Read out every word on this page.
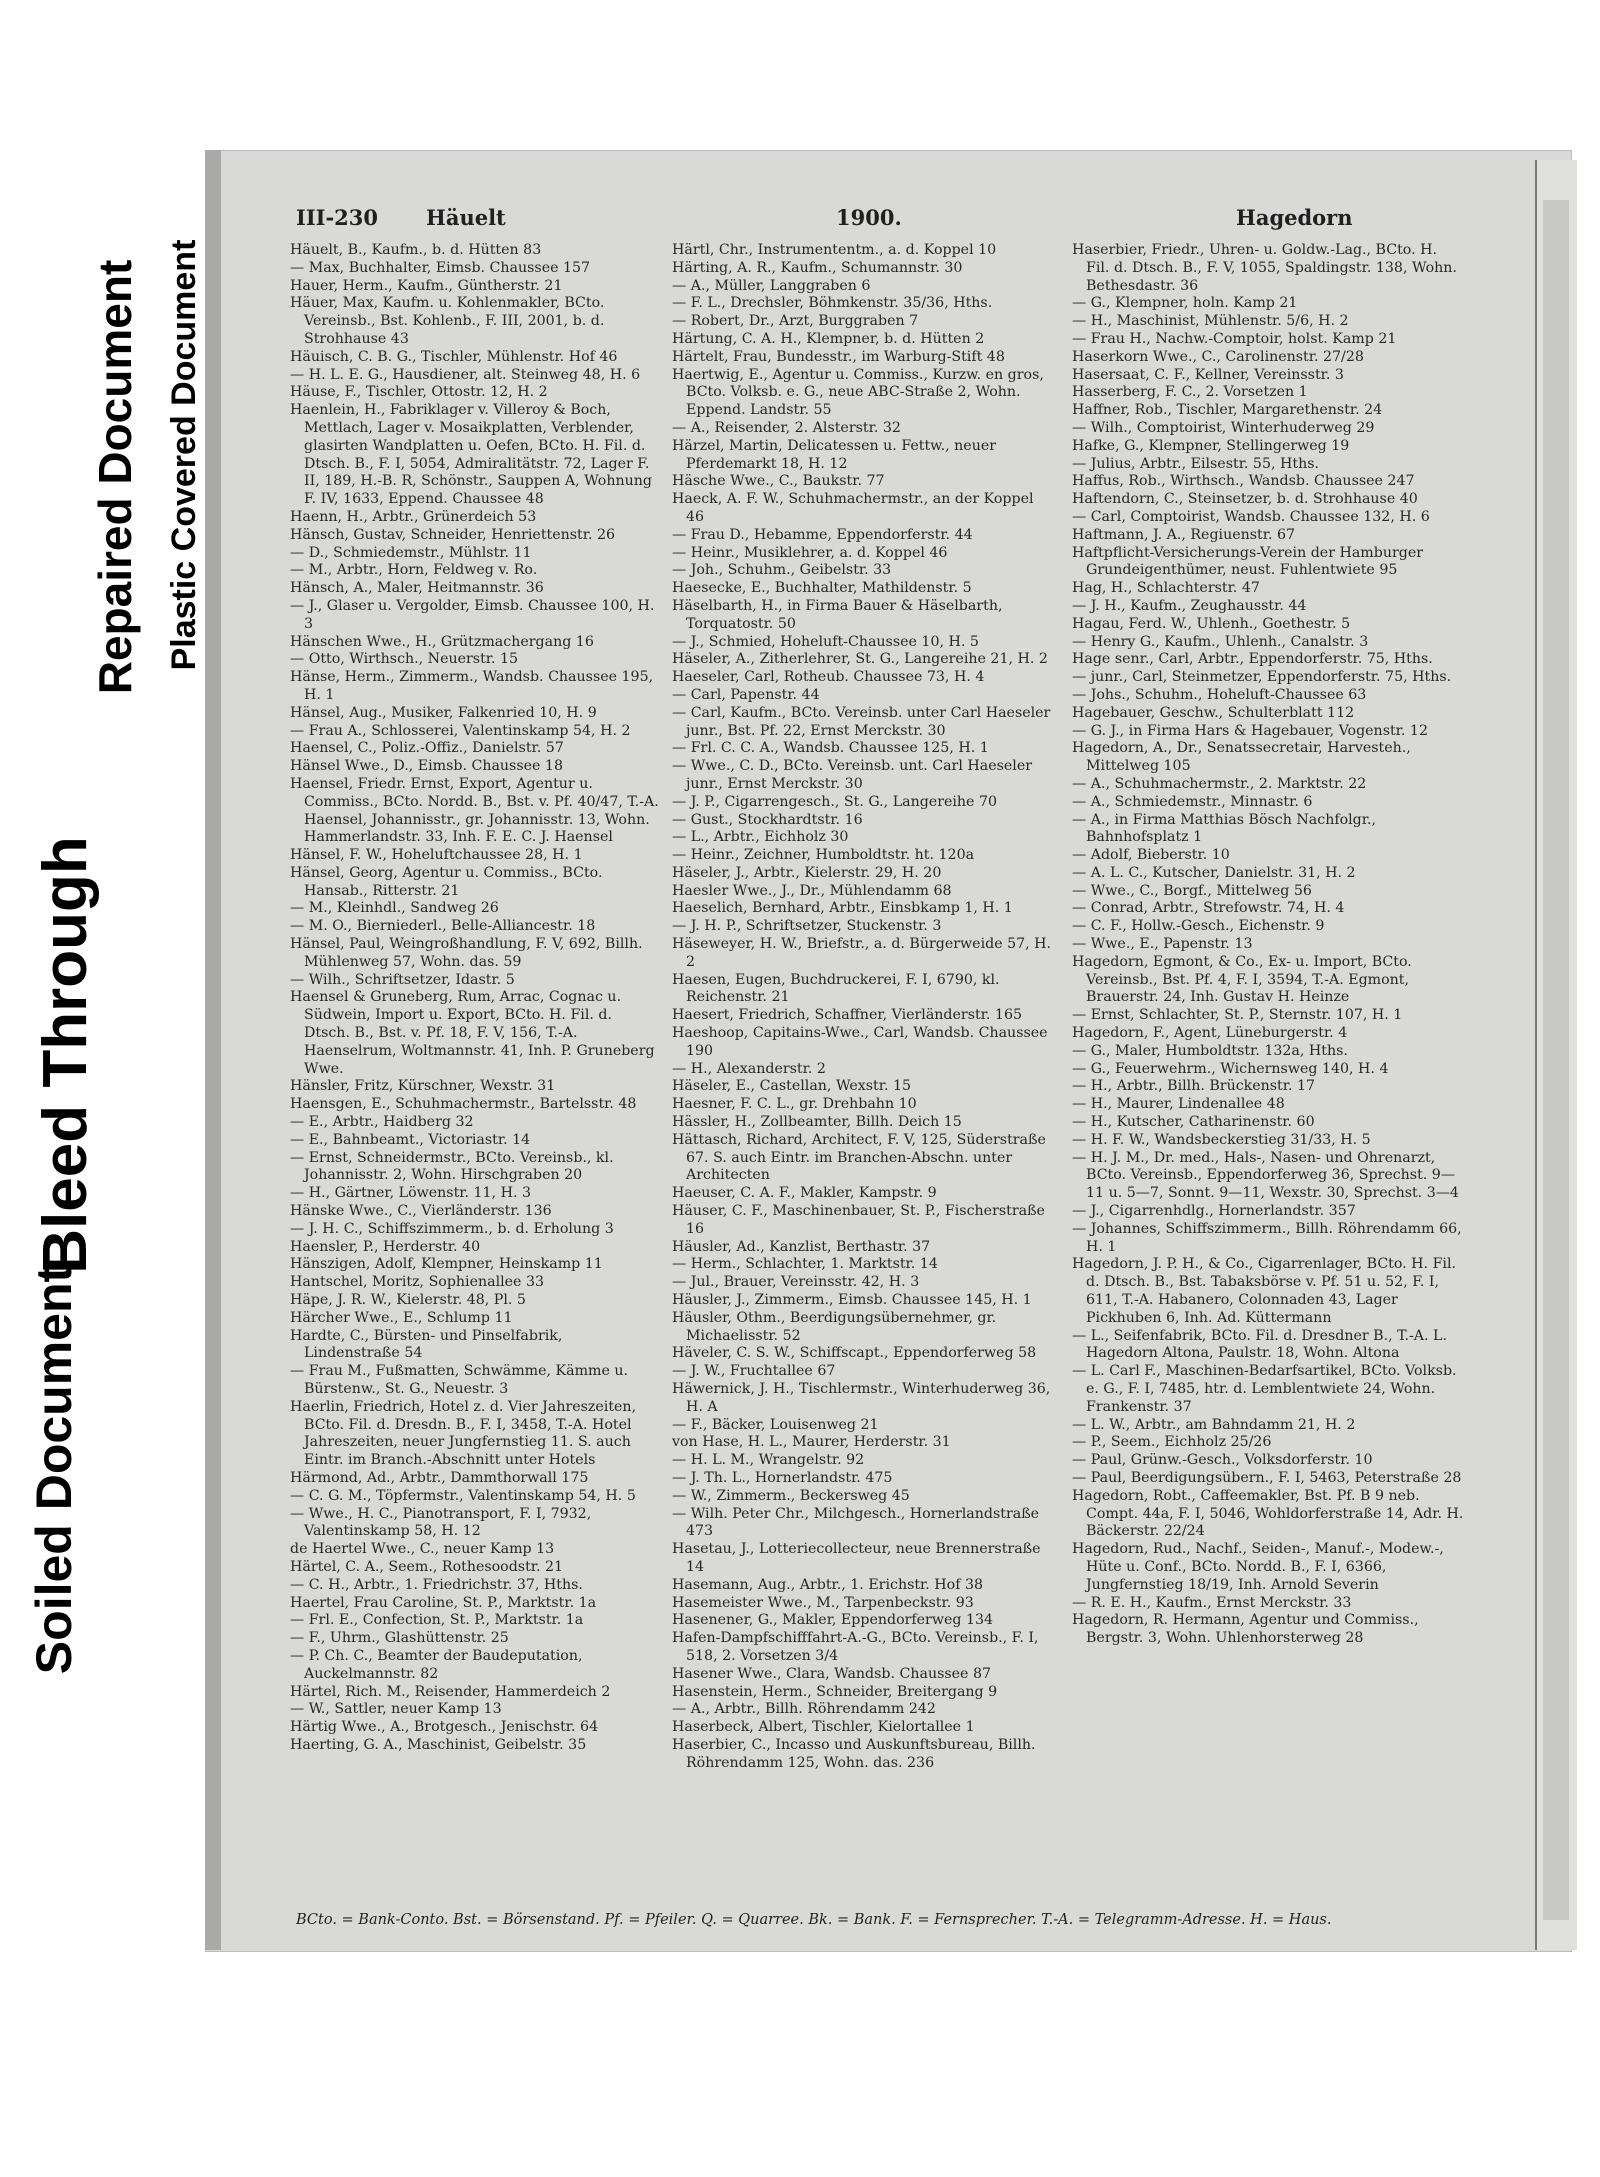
Soiled Document
Bleed Through
Repaired Document Plastic Covered Document
III-230 Häuelt	1900.	Hagedorn

Häuelt, B., Kaufm., b. d. Hütten 83

— Max, Buchhalter, Eimsb. Chaussee 157

Hauer, Herm., Kaufm., Güntherstr. 21

Häuer, Max, Kaufm. u. Kohlenmakler, BCto. Vereinsb., Bst. Kohlenb., F. III, 2001, b. d. Strohhause 43

Häuisch, C. B. G., Tischler, Mühlenstr. Hof 46

— H. L. E. G., Hausdiener, alt. Steinweg 48, H. 6

Häuse, F., Tischler, Ottostr. 12, H. 2

Haenlein, H., Fabriklager v. Villeroy & Boch, Mettlach, Lager v. Mosaikplatten, Verblender, glasirten Wandplatten u. Oefen, BCto. H. Fil. d. Dtsch. B., F. I, 5054, Admiralitätstr. 72, Lager F. II, 189, H.-B. R, Schönstr., Sauppen A, Wohnung F. IV, 1633, Eppend. Chaussee 48

Haenn, H., Arbtr., Grünerdeich 53

Hänsch, Gustav, Schneider, Henriettenstr. 26

— D., Schmiedemstr., Mühlstr. 11

— M., Arbtr., Horn, Feldweg v. Ro.

Hänsch, A., Maler, Heitmannstr. 36

— J., Glaser u. Vergolder, Eimsb. Chaussee 100, H. 3

Hänschen Wwe., H., Grützmachergang 16

— Otto, Wirthsch., Neuerstr. 15

Hänse, Herm., Zimmerm., Wandsb. Chaussee 195, H. 1

Hänsel, Aug., Musiker, Falkenried 10, H. 9

— Frau A., Schlosserei, Valentinskamp 54, H. 2

Haensel, C., Poliz.-Offiz., Danielstr. 57

Hänsel Wwe., D., Eimsb. Chaussee 18

Haensel, Friedr. Ernst, Export, Agentur u. Commiss., BCto. Nordd. B., Bst. v. Pf. 40/47, T.-A. Haensel, Johannisstr., gr. Johannisstr. 13, Wohn. Hammerlandstr. 33, Inh. F. E. C. J. Haensel

Hänsel, F. W., Hoheluftchaussee 28, H. 1

Hänsel, Georg, Agentur u. Commiss., BCto. Hansab., Ritterstr. 21

— M., Kleinhdl., Sandweg 26

— M. O., Bierniederl., Belle-Alliancestr. 18

Hänsel, Paul, Weingroßhandlung, F. V, 692, Billh. Mühlenweg 57, Wohn. das. 59

— Wilh., Schriftsetzer, Idastr. 5

Haensel & Gruneberg, Rum, Arrac, Cognac u. Südwein, Import u. Export, BCto. H. Fil. d. Dtsch. B., Bst. v. Pf. 18, F. V, 156, T.-A. Haenselrum, Woltmannstr. 41, Inh. P. Gruneberg Wwe.

Hänsler, Fritz, Kürschner, Wexstr. 31

Haensgen, E., Schuhmachermstr., Bartelsstr. 48

— E., Arbtr., Haidberg 32

— E., Bahnbeamt., Victoriastr. 14

— Ernst, Schneidermstr., BCto. Vereinsb., kl. Johannisstr. 2, Wohn. Hirschgraben 20

— H., Gärtner, Löwenstr. 11, H. 3

Hänske Wwe., C., Vierländerstr. 136

— J. H. C., Schiffszimmerm., b. d. Erholung 3

Haensler, P., Herderstr. 40

Hänszigen, Adolf, Klempner, Heinskamp 11

Hantschel, Moritz, Sophienallee 33

Häpe, J. R. W., Kielerstr. 48, Pl. 5

Härcher Wwe., E., Schlump 11

Hardte, C., Bürsten- und Pinselfabrik, Lindenstraße 54

— Frau M., Fußmatten, Schwämme, Kämme u. Bürstenw., St. G., Neuestr. 3

Haerlin, Friedrich, Hotel z. d. Vier Jahreszeiten, BCto. Fil. d. Dresdn. B., F. I, 3458, T.-A. Hotel Jahreszeiten, neuer Jungfernstieg 11. S. auch Eintr. im Branch.-Abschnitt unter Hotels

Härmond, Ad., Arbtr., Dammthorwall 175

— C. G. M., Töpfermstr., Valentinskamp 54, H. 5

— Wwe., H. C., Pianotransport, F. I, 7932, Valentinskamp 58, H. 12

de Haertel Wwe., C., neuer Kamp 13

Härtel, C. A., Seem., Rothesoodstr. 21

— C. H., Arbtr., 1. Friedrichstr. 37, Hths.

Haertel, Frau Caroline, St. P., Marktstr. 1a

— Frl. E., Confection, St. P., Marktstr. 1a

— F., Uhrm., Glashüttenstr. 25

— P. Ch. C., Beamter der Baudeputation, Auckelmannstr. 82

Härtel, Rich. M., Reisender, Hammerdeich 2

— W., Sattler, neuer Kamp 13

Härtig Wwe., A., Brotgesch., Jenischstr. 64

Haerting, G. A., Maschinist, Geibelstr. 35

Härtl, Chr., Instrumententm., a. d. Koppel 10

Härting, A. R., Kaufm., Schumannstr. 30

— A., Müller, Langgraben 6

— F. L., Drechsler, Böhmkenstr. 35/36, Hths.

— Robert, Dr., Arzt, Burggraben 7

Härtung, C. A. H., Klempner, b. d. Hütten 2

Härtelt, Frau, Bundesstr., im Warburg-Stift 48

Haertwig, E., Agentur u. Commiss., Kurzw. en gros, BCto. Volksb. e. G., neue ABC-Straße 2, Wohn. Eppend. Landstr. 55

— A., Reisender, 2. Alsterstr. 32

Härzel, Martin, Delicatessen u. Fettw., neuer Pferdemarkt 18, H. 12

Häsche Wwe., C., Baukstr. 77

Haeck, A. F. W., Schuhmachermstr., an der Koppel 46

— Frau D., Hebamme, Eppendorferstr. 44

— Heinr., Musiklehrer, a. d. Koppel 46

— Joh., Schuhm., Geibelstr. 33

Haesecke, E., Buchhalter, Mathildenstr. 5

Häselbarth, H., in Firma Bauer & Häselbarth, Torquatostr. 50

— J., Schmied, Hoheluft-Chaussee 10, H. 5

Häseler, A., Zitherlehrer, St. G., Langereihe 21, H. 2

Haeseler, Carl, Rotheub. Chaussee 73, H. 4

— Carl, Papenstr. 44

— Carl, Kaufm., BCto. Vereinsb. unter Carl Haeseler junr., Bst. Pf. 22, Ernst Merckstr. 30

— Frl. C. C. A., Wandsb. Chaussee 125, H. 1

— Wwe., C. D., BCto. Vereinsb. unt. Carl Haeseler junr., Ernst Merckstr. 30

— J. P., Cigarrengesch., St. G., Langereihe 70

— Gust., Stockhardtstr. 16

— L., Arbtr., Eichholz 30

— Heinr., Zeichner, Humboldtstr. ht. 120a

Häseler, J., Arbtr., Kielerstr. 29, H. 20

Haesler Wwe., J., Dr., Mühlendamm 68

Haeselich, Bernhard, Arbtr., Einsbkamp 1, H. 1

— J. H. P., Schriftsetzer, Stuckenstr. 3

Häseweyer, H. W., Briefstr., a. d. Bürgerweide 57, H. 2

Haesen, Eugen, Buchdruckerei, F. I, 6790, kl. Reichenstr. 21

Haesert, Friedrich, Schaffner, Vierländerstr. 165

Haeshoop, Capitains-Wwe., Carl, Wandsb. Chaussee 190

— H., Alexanderstr. 2

Häseler, E., Castellan, Wexstr. 15

Haesner, F. C. L., gr. Drehbahn 10

Hässler, H., Zollbeamter, Billh. Deich 15

Hättasch, Richard, Architect, F. V, 125, Süderstraße 67. S. auch Eintr. im Branchen-Abschn. unter Architecten

Haeuser, C. A. F., Makler, Kampstr. 9

Häuser, C. F., Maschinenbauer, St. P., Fischerstraße 16

Häusler, Ad., Kanzlist, Berthastr. 37

— Herm., Schlachter, 1. Marktstr. 14

— Jul., Brauer, Vereinsstr. 42, H. 3

Häusler, J., Zimmerm., Eimsb. Chaussee 145, H. 1

Häusler, Othm., Beerdigungsübernehmer, gr. Michaelisstr. 52

Häveler, C. S. W., Schiffscapt., Eppendorferweg 58

— J. W., Fruchtallee 67

Häwernick, J. H., Tischlermstr., Winterhuderweg 36, H. A

— F., Bäcker, Louisenweg 21

von Hase, H. L., Maurer, Herderstr. 31

— H. L. M., Wrangelstr. 92

— J. Th. L., Hornerlandstr. 475

— W., Zimmerm., Beckersweg 45

— Wilh. Peter Chr., Milchgesch., Hornerlandstraße 473

Hasetau, J., Lotteriecollecteur, neue Brennerstraße 14

Hasemann, Aug., Arbtr., 1. Erichstr. Hof 38

Hasemeister Wwe., M., Tarpenbeckstr. 93

Hasenener, G., Makler, Eppendorferweg 134

Hafen-Dampfschifffahrt-A.-G., BCto. Vereinsb., F. I, 518, 2. Vorsetzen 3/4

Hasener Wwe., Clara, Wandsb. Chaussee 87

Hasenstein, Herm., Schneider, Breitergang 9

— A., Arbtr., Billh. Röhrendamm 242

Haserbeck, Albert, Tischler, Kielortallee 1

Haserbier, C., Incasso und Auskunftsbureau, Billh. Röhrendamm 125, Wohn. das. 236

Haserbier, Friedr., Uhren- u. Goldw.-Lag., BCto. H. Fil. d. Dtsch. B., F. V, 1055, Spaldingstr. 138, Wohn. Bethesdastr. 36

— G., Klempner, holn. Kamp 21

— H., Maschinist, Mühlenstr. 5/6, H. 2

— Frau H., Nachw.-Comptoir, holst. Kamp 21

Haserkorn Wwe., C., Carolinenstr. 27/28

Hasersaat, C. F., Kellner, Vereinsstr. 3

Hasserberg, F. C., 2. Vorsetzen 1

Haffner, Rob., Tischler, Margarethenstr. 24

— Wilh., Comptoirist, Winterhuderweg 29

Hafke, G., Klempner, Stellingerweg 19

— Julius, Arbtr., Eilsestr. 55, Hths.

Haffus, Rob., Wirthsch., Wandsb. Chaussee 247

Haftendorn, C., Steinsetzer, b. d. Strohhause 40

— Carl, Comptoirist, Wandsb. Chaussee 132, H. 6

Haftmann, J. A., Regiuenstr. 67

Haftpflicht-Versicherungs-Verein der Hamburger Grundeigenthümer, neust. Fuhlentwiete 95

Hag, H., Schlachterstr. 47

— J. H., Kaufm., Zeughausstr. 44

Hagau, Ferd. W., Uhlenh., Goethestr. 5

— Henry G., Kaufm., Uhlenh., Canalstr. 3

Hage senr., Carl, Arbtr., Eppendorferstr. 75, Hths.

— junr., Carl, Steinmetzer, Eppendorferstr. 75, Hths.

— Johs., Schuhm., Hoheluft-Chaussee 63

Hagebauer, Geschw., Schulterblatt 112

— G. J., in Firma Hars & Hagebauer, Vogenstr. 12

Hagedorn, A., Dr., Senatssecretair, Harvesteh., Mittelweg 105

— A., Schuhmachermstr., 2. Marktstr. 22

— A., Schmiedemstr., Minnastr. 6

— A., in Firma Matthias Bösch Nachfolgr., Bahnhofsplatz 1

— Adolf, Bieberstr. 10

— A. L. C., Kutscher, Danielstr. 31, H. 2

— Wwe., C., Borgf., Mittelweg 56

— Conrad, Arbtr., Strefowstr. 74, H. 4

— C. F., Hollw.-Gesch., Eichenstr. 9

— Wwe., E., Papenstr. 13

Hagedorn, Egmont, & Co., Ex- u. Import, BCto. Vereinsb., Bst. Pf. 4, F. I, 3594, T.-A. Egmont, Brauerstr. 24, Inh. Gustav H. Heinze

— Ernst, Schlachter, St. P., Sternstr. 107, H. 1

Hagedorn, F., Agent, Lüneburgerstr. 4

— G., Maler, Humboldtstr. 132a, Hths.

— G., Feuerwehrm., Wichernsweg 140, H. 4

— H., Arbtr., Billh. Brückenstr. 17

— H., Maurer, Lindenallee 48

— H., Kutscher, Catharinenstr. 60

— H. F. W., Wandsbeckerstieg 31/33, H. 5

— H. J. M., Dr. med., Hals-, Nasen- und Ohrenarzt, BCto. Vereinsb., Eppendorferweg 36, Sprechst. 9—11 u. 5—7, Sonnt. 9—11, Wexstr. 30, Sprechst. 3—4

— J., Cigarrenhdlg., Hornerlandstr. 357

— Johannes, Schiffszimmerm., Billh. Röhrendamm 66, H. 1

Hagedorn, J. P. H., & Co., Cigarrenlager, BCto. H. Fil. d. Dtsch. B., Bst. Tabaksbörse v. Pf. 51 u. 52, F. I, 611, T.-A. Habanero, Colonnaden 43, Lager Pickhuben 6, Inh. Ad. Küttermann

— L., Seifenfabrik, BCto. Fil. d. Dresdner B., T.-A. L. Hagedorn Altona, Paulstr. 18, Wohn. Altona

— L. Carl F., Maschinen-Bedarfsartikel, BCto. Volksb. e. G., F. I, 7485, htr. d. Lemblentwiete 24, Wohn. Frankenstr. 37

— L. W., Arbtr., am Bahndamm 21, H. 2

— P., Seem., Eichholz 25/26

— Paul, Grünw.-Gesch., Volksdorferstr. 10

— Paul, Beerdigungsübern., F. I, 5463, Peterstraße 28

Hagedorn, Robt., Caffeemakler, Bst. Pf. B 9 neb. Compt. 44a, F. I, 5046, Wohldorferstraße 14, Adr. H. Bäckerstr. 22/24

Hagedorn, Rud., Nachf., Seiden-, Manuf.-, Modew.-, Hüte u. Conf., BCto. Nordd. B., F. I, 6366, Jungfernstieg 18/19, Inh. Arnold Severin

— R. E. H., Kaufm., Ernst Merckstr. 33

Hagedorn, R. Hermann, Agentur und Commiss., Bergstr. 3, Wohn. Uhlenhorsterweg 28

BCto. = Bank-Conto. Bst. = Börsenstand. Pf. = Pfeiler. Q. = Quarree. Bk. = Bank. F. = Fernsprecher. T.-A. = Telegramm-Adresse. H. = Haus.
